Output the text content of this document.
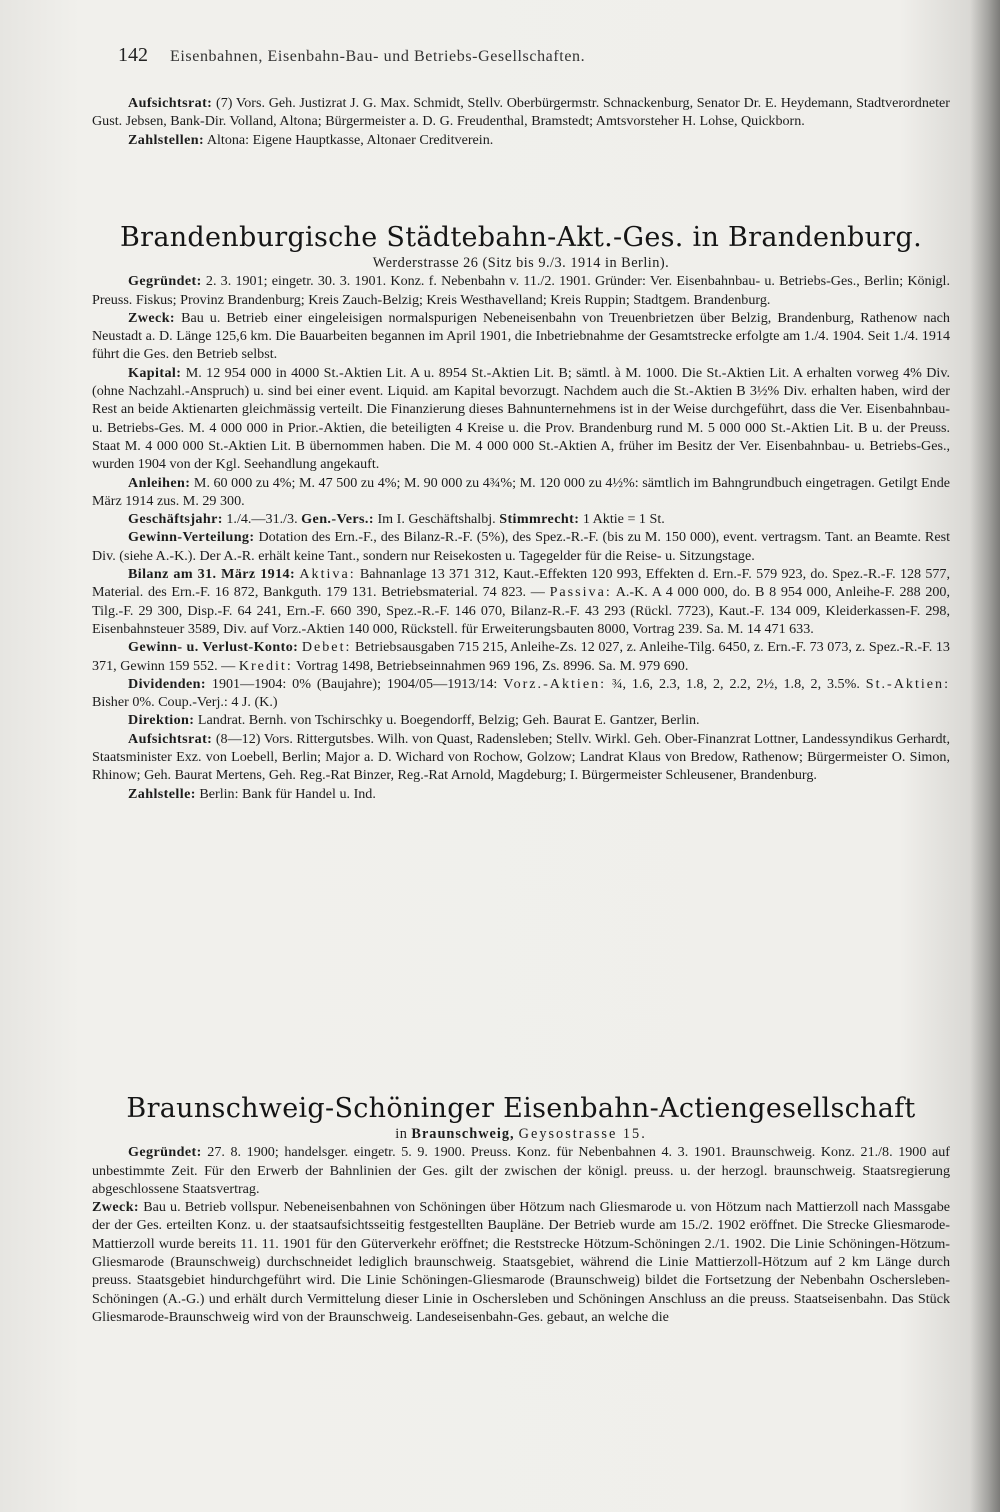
142 Eisenbahnen, Eisenbahn-Bau- und Betriebs-Gesellschaften.

Aufsichtsrat: (7) Vors. Geh. Justizrat J. G. Max. Schmidt, Stellv. Oberbürgermstr. Schnackenburg, Senator Dr. E. Heydemann, Stadtverordneter Gust. Jebsen, Bank-Dir. Volland, Altona; Bürgermeister a. D. G. Freudenthal, Bramstedt; Amtsvorsteher H. Lohse, Quickborn.

Zahlstellen: Altona: Eigene Hauptkasse, Altonaer Creditverein.

Brandenburgische Städtebahn-Akt.-Ges. in Brandenburg.

Werderstrasse 26 (Sitz bis 9./3. 1914 in Berlin).

Gegründet: 2. 3. 1901; eingetr. 30. 3. 1901. Konz. f. Nebenbahn v. 11./2. 1901. Gründer: Ver. Eisenbahnbau- u. Betriebs-Ges., Berlin; Königl. Preuss. Fiskus; Provinz Brandenburg; Kreis Zauch-Belzig; Kreis Westhavelland; Kreis Ruppin; Stadtgem. Brandenburg.

Zweck: Bau u. Betrieb einer eingeleisigen normalspurigen Nebeneisenbahn von Treuenbrietzen über Belzig, Brandenburg, Rathenow nach Neustadt a. D. Länge 125,6 km. Die Bauarbeiten begannen im April 1901, die Inbetriebnahme der Gesamtstrecke erfolgte am 1./4. 1904. Seit 1./4. 1914 führt die Ges. den Betrieb selbst.

Kapital: M. 12 954 000 in 4000 St.-Aktien Lit. A u. 8954 St.-Aktien Lit. B; sämtl. à M. 1000. Die St.-Aktien Lit. A erhalten vorweg 4% Div. (ohne Nachzahl.-Anspruch) u. sind bei einer event. Liquid. am Kapital bevorzugt. Nachdem auch die St.-Aktien B 3½% Div. erhalten haben, wird der Rest an beide Aktienarten gleichmässig verteilt. Die Finanzierung dieses Bahnunternehmens ist in der Weise durchgeführt, dass die Ver. Eisenbahnbau- u. Betriebs-Ges. M. 4 000 000 in Prior.-Aktien, die beteiligten 4 Kreise u. die Prov. Brandenburg rund M. 5 000 000 St.-Aktien Lit. B u. der Preuss. Staat M. 4 000 000 St.-Aktien Lit. B übernommen haben. Die M. 4 000 000 St.-Aktien A, früher im Besitz der Ver. Eisenbahnbau- u. Betriebs-Ges., wurden 1904 von der Kgl. Seehandlung angekauft.

Anleihen: M. 60 000 zu 4%; M. 47 500 zu 4%; M. 90 000 zu 4¾%; M. 120 000 zu 4½%: sämtlich im Bahngrundbuch eingetragen. Getilgt Ende März 1914 zus. M. 29 300.

Geschäftsjahr: 1./4.—31./3. Gen.-Vers.: Im I. Geschäftshalbj. Stimmrecht: 1 Aktie = 1 St.

Gewinn-Verteilung: Dotation des Ern.-F., des Bilanz-R.-F. (5%), des Spez.-R.-F. (bis zu M. 150 000), event. vertragsm. Tant. an Beamte. Rest Div. (siehe A.-K.). Der A.-R. erhält keine Tant., sondern nur Reisekosten u. Tagegelder für die Reise- u. Sitzungstage.

Bilanz am 31. März 1914: Aktiva: Bahnanlage 13 371 312, Kaut.-Effekten 120 993, Effekten d. Ern.-F. 579 923, do. Spez.-R.-F. 128 577, Material. des Ern.-F. 16 872, Bankguth. 179 131. Betriebsmaterial. 74 823. — Passiva: A.-K. A 4 000 000, do. B 8 954 000, Anleihe-F. 288 200, Tilg.-F. 29 300, Disp.-F. 64 241, Ern.-F. 660 390, Spez.-R.-F. 146 070, Bilanz-R.-F. 43 293 (Rückl. 7723), Kaut.-F. 134 009, Kleiderkassen-F. 298, Eisenbahnsteuer 3589, Div. auf Vorz.-Aktien 140 000, Rückstell. für Erweiterungsbauten 8000, Vortrag 239. Sa. M. 14 471 633.

Gewinn- u. Verlust-Konto: Debet: Betriebsausgaben 715 215, Anleihe-Zs. 12 027, z. Anleihe-Tilg. 6450, z. Ern.-F. 73 073, z. Spez.-R.-F. 13 371, Gewinn 159 552. — Kredit: Vortrag 1498, Betriebseinnahmen 969 196, Zs. 8996. Sa. M. 979 690.

Dividenden: 1901—1904: 0% (Baujahre); 1904/05—1913/14: Vorz.-Aktien: ¾, 1.6, 2.3, 1.8, 2, 2.2, 2½, 1.8, 2, 3.5%. St.-Aktien: Bisher 0%. Coup.-Verj.: 4 J. (K.)

Direktion: Landrat. Bernh. von Tschirschky u. Boegendorff, Belzig; Geh. Baurat E. Gantzer, Berlin.

Aufsichtsrat: (8—12) Vors. Rittergutsbes. Wilh. von Quast, Radensleben; Stellv. Wirkl. Geh. Ober-Finanzrat Lottner, Landessyndikus Gerhardt, Staatsminister Exz. von Loebell, Berlin; Major a. D. Wichard von Rochow, Golzow; Landrat Klaus von Bredow, Rathenow; Bürgermeister O. Simon, Rhinow; Geh. Baurat Mertens, Geh. Reg.-Rat Binzer, Reg.-Rat Arnold, Magdeburg; I. Bürgermeister Schleusener, Brandenburg.

Zahlstelle: Berlin: Bank für Handel u. Ind.

Braunschweig-Schöninger Eisenbahn-Actiengesellschaft

in Braunschweig, Geysostrasse 15.

Gegründet: 27. 8. 1900; handelsger. eingetr. 5. 9. 1900. Preuss. Konz. für Nebenbahnen 4. 3. 1901. Braunschweig. Konz. 21./8. 1900 auf unbestimmte Zeit. Für den Erwerb der Bahnlinien der Ges. gilt der zwischen der königl. preuss. u. der herzogl. braunschweig. Staatsregierung abgeschlossene Staatsvertrag.

Zweck: Bau u. Betrieb vollspur. Nebeneisenbahnen von Schöningen über Hötzum nach Gliesmarode u. von Hötzum nach Mattierzoll nach Massgabe der der Ges. erteilten Konz. u. der staatsaufsichtsseitig festgestellten Baupläne. Der Betrieb wurde am 15./2. 1902 eröffnet. Die Strecke Gliesmarode-Mattierzoll wurde bereits 11. 11. 1901 für den Güterverkehr eröffnet; die Reststrecke Hötzum-Schöningen 2./1. 1902. Die Linie Schöningen-Hötzum-Gliesmarode (Braunschweig) durchschneidet lediglich braunschweig. Staatsgebiet, während die Linie Mattierzoll-Hötzum auf 2 km Länge durch preuss. Staatsgebiet hindurchgeführt wird. Die Linie Schöningen-Gliesmarode (Braunschweig) bildet die Fortsetzung der Nebenbahn Oschersleben-Schöningen (A.-G.) und erhält durch Vermittelung dieser Linie in Oschersleben und Schöningen Anschluss an die preuss. Staatseisenbahn. Das Stück Gliesmarode-Braunschweig wird von der Braunschweig. Landeseisenbahn-Ges. gebaut, an welche die
